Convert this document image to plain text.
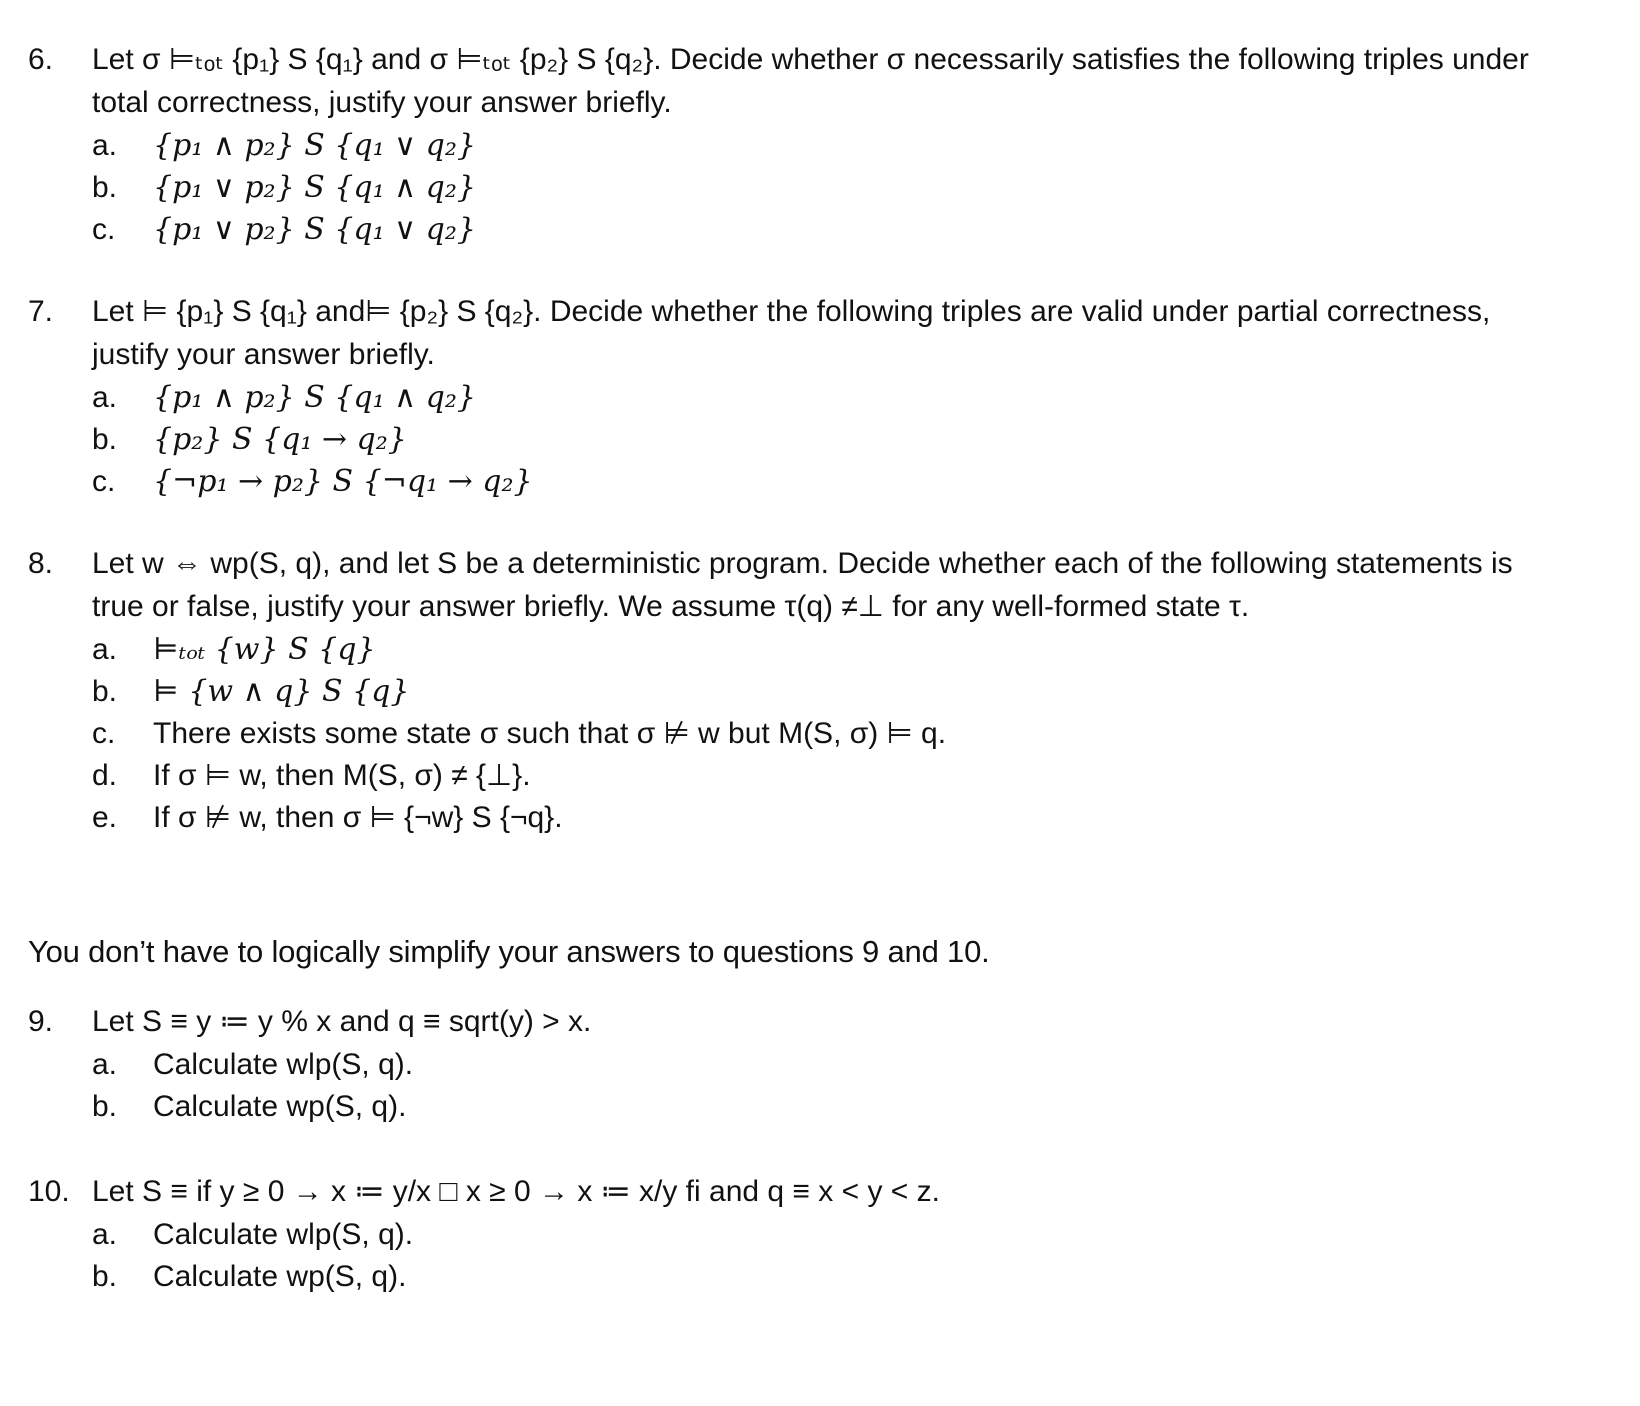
6. Let σ ⊨ₜₒₜ {p₁} S {q₁} and σ ⊨ₜₒₜ {p₂} S {q₂}. Decide whether σ necessarily satisfies the following triples under
total correctness, justify your answer briefly.
a. {p₁ ∧ p₂} S {q₁ ∨ q₂}
b. {p₁ ∨ p₂} S {q₁ ∧ q₂}
c. {p₁ ∨ p₂} S {q₁ ∨ q₂}
7. Let ⊨ {p₁} S {q₁} and⊨ {p₂} S {q₂}. Decide whether the following triples are valid under partial correctness,
justify your answer briefly.
a. {p₁ ∧ p₂} S {q₁ ∧ q₂}
b. {p₂} S {q₁ → q₂}
c. {¬p₁ → p₂} S {¬q₁ → q₂}
8. Let w ⇔ wp(S, q), and let S be a deterministic program. Decide whether each of the following statements is
true or false, justify your answer briefly. We assume τ(q) ≠⊥ for any well-formed state τ.
a. ⊨ₜₒₜ {w} S {q}
b. ⊨ {w ∧ q} S {q}
c. There exists some state σ such that σ ⊭ w but M(S, σ) ⊨ q.
d. If σ ⊨ w, then M(S, σ) ≠ {⊥}.
e. If σ ⊭ w, then σ ⊨ {¬w} S {¬q}.
You don’t have to logically simplify your answers to questions 9 and 10.
9. Let S ≡ y ≔ y % x and q ≡ sqrt(y) > x.
a. Calculate wlp(S, q).
b. Calculate wp(S, q).
10. Let S ≡ if y ≥ 0 → x ≔ y/x □ x ≥ 0 → x ≔ x/y fi and q ≡ x < y < z.
a. Calculate wlp(S, q).
b. Calculate wp(S, q).
